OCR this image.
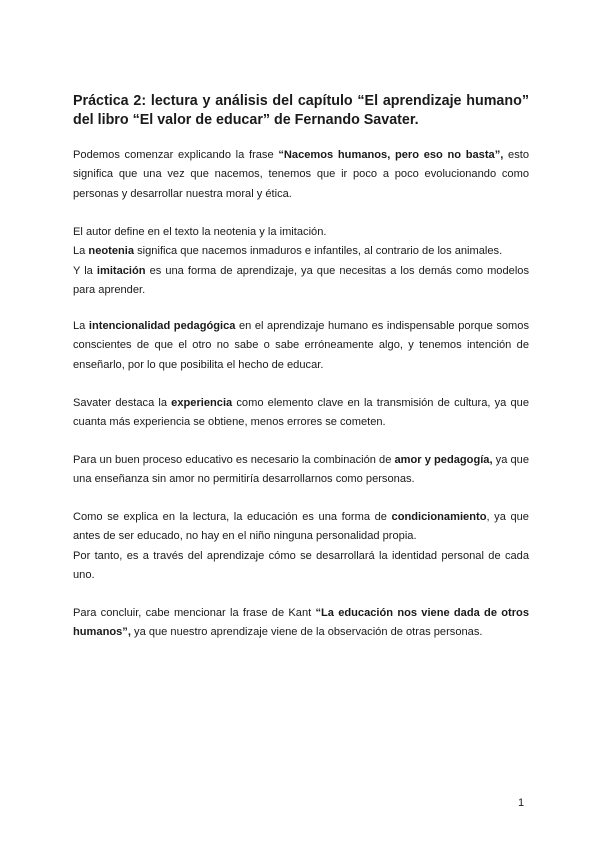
Práctica 2: lectura y análisis del capítulo “El aprendizaje humano” del libro “El valor de educar” de Fernando Savater.

Podemos comenzar explicando la frase “Nacemos humanos, pero eso no basta”, esto significa que una vez que nacemos, tenemos que ir poco a poco evolucionando como personas y desarrollar nuestra moral y ética.

El autor define en el texto la neotenia y la imitación.
La neotenia significa que nacemos inmaduros e infantiles, al contrario de los animales.
Y la imitación es una forma de aprendizaje, ya que necesitas a los demás como modelos para aprender.

La intencionalidad pedagógica en el aprendizaje humano es indispensable porque somos conscientes de que el otro no sabe o sabe erróneamente algo, y tenemos intención de enseñarlo, por lo que posibilita el hecho de educar.

Savater destaca la experiencia como elemento clave en la transmisión de cultura, ya que cuanta más experiencia se obtiene, menos errores se cometen.

Para un buen proceso educativo es necesario la combinación de amor y pedagogía, ya que una enseñanza sin amor no permitiría desarrollarnos como personas.

Como se explica en la lectura, la educación es una forma de condicionamiento, ya que antes de ser educado, no hay en el niño ninguna personalidad propia.
Por tanto, es a través del aprendizaje cómo se desarrollará la identidad personal de cada uno.

Para concluir, cabe mencionar la frase de Kant “La educación nos viene dada de otros humanos”, ya que nuestro aprendizaje viene de la observación de otras personas.

1
